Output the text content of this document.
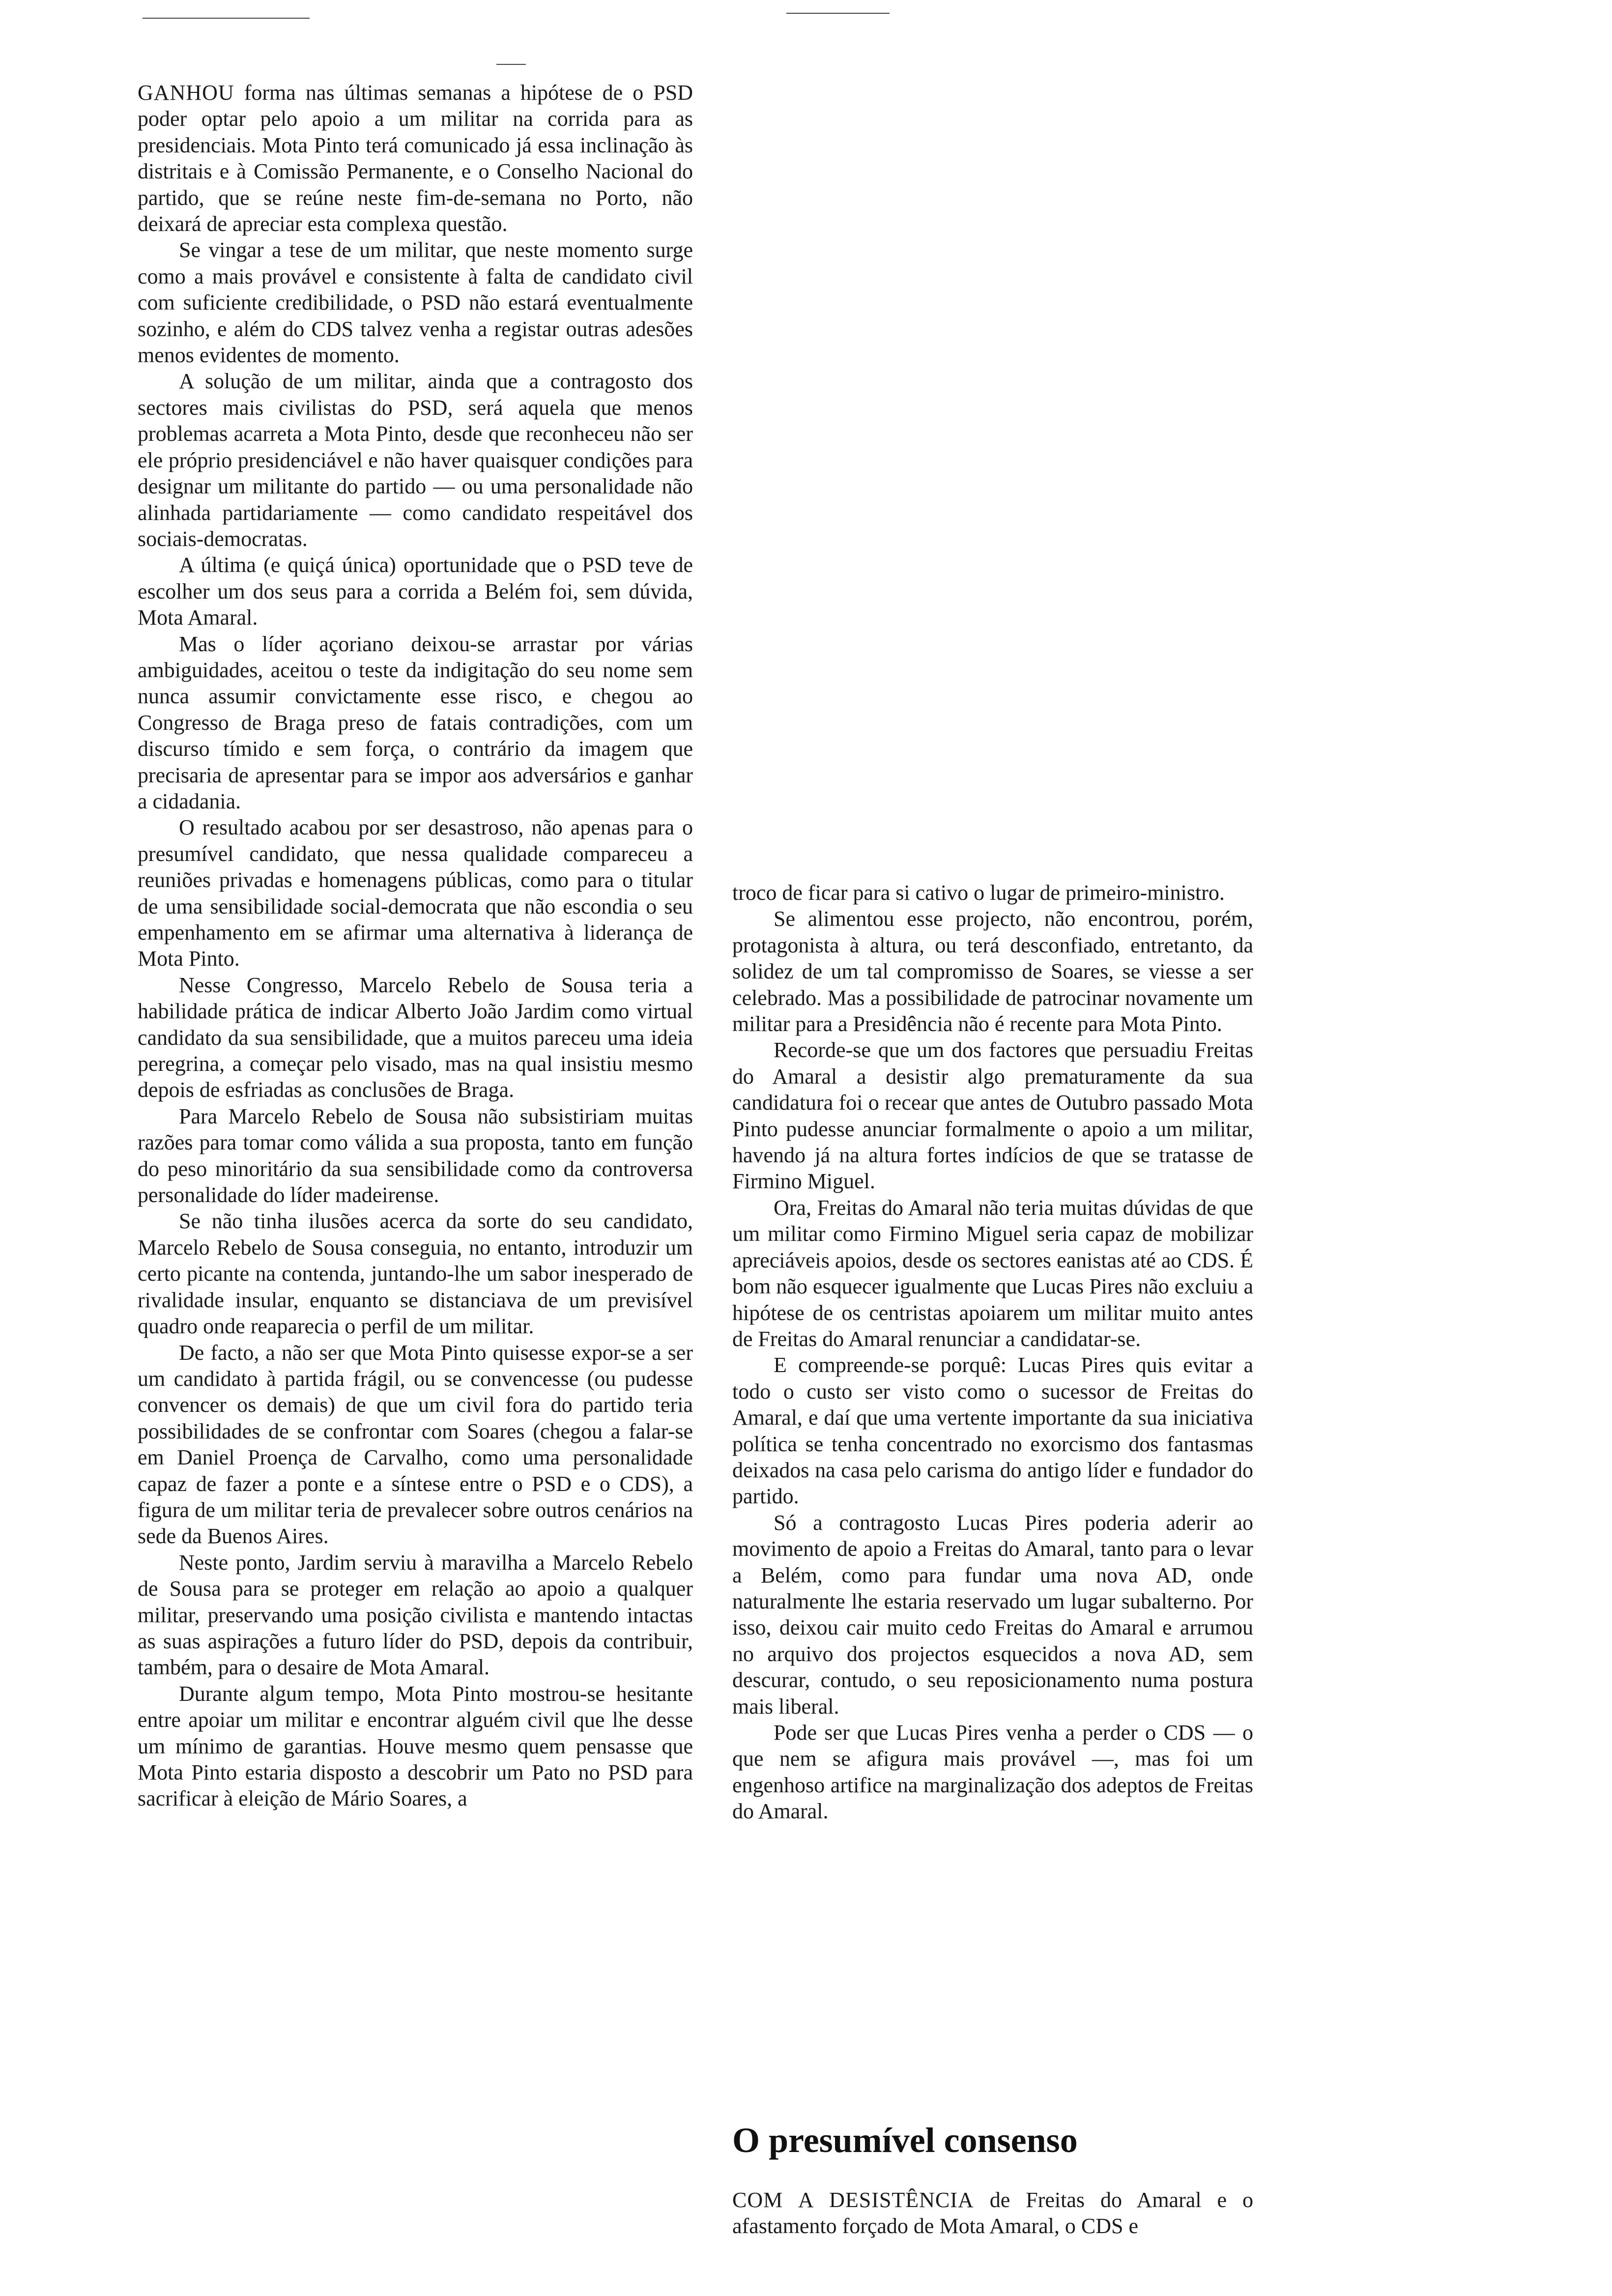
GANHOU forma nas últimas semanas a hipótese de o PSD poder optar pelo apoio a um militar na corrida para as presidenciais. Mota Pinto terá comunicado já essa inclinação às distritais e à Comissão Permanente, e o Conselho Nacional do partido, que se reúne neste fim-de-semana no Porto, não deixará de apreciar esta complexa questão.

Se vingar a tese de um militar, que neste momento surge como a mais provável e consistente à falta de candidato civil com suficiente credibilidade, o PSD não estará eventualmente sozinho, e além do CDS talvez venha a registar outras adesões menos evidentes de momento.

A solução de um militar, ainda que a contragosto dos sectores mais civilistas do PSD, será aquela que menos problemas acarreta a Mota Pinto, desde que reconheceu não ser ele próprio presidenciável e não haver quaisquer condições para designar um militante do partido — ou uma personalidade não alinhada partidariamente — como candidato respeitável dos sociais-democratas.

A última (e quiçá única) oportunidade que o PSD teve de escolher um dos seus para a corrida a Belém foi, sem dúvida, Mota Amaral.

Mas o líder açoriano deixou-se arrastar por várias ambiguidades, aceitou o teste da indigitação do seu nome sem nunca assumir convictamente esse risco, e chegou ao Congresso de Braga preso de fatais contradições, com um discurso tímido e sem força, o contrário da imagem que precisaria de apresentar para se impor aos adversários e ganhar a cidadania.

O resultado acabou por ser desastroso, não apenas para o presumível candidato, que nessa qualidade compareceu a reuniões privadas e homenagens públicas, como para o titular de uma sensibilidade social-democrata que não escondia o seu empenhamento em se afirmar uma alternativa à liderança de Mota Pinto.

Nesse Congresso, Marcelo Rebelo de Sousa teria a habilidade prática de indicar Alberto João Jardim como virtual candidato da sua sensibilidade, que a muitos pareceu uma ideia peregrina, a começar pelo visado, mas na qual insistiu mesmo depois de esfriadas as conclusões de Braga.

Para Marcelo Rebelo de Sousa não subsistiriam muitas razões para tomar como válida a sua proposta, tanto em função do peso minoritário da sua sensibilidade como da controversa personalidade do líder madeirense.

Se não tinha ilusões acerca da sorte do seu candidato, Marcelo Rebelo de Sousa conseguia, no entanto, introduzir um certo picante na contenda, juntando-lhe um sabor inesperado de rivalidade insular, enquanto se distanciava de um previsível quadro onde reaparecia o perfil de um militar.

De facto, a não ser que Mota Pinto quisesse expor-se a ser um candidato à partida frágil, ou se convencesse (ou pudesse convencer os demais) de que um civil fora do partido teria possibilidades de se confrontar com Soares (chegou a falar-se em Daniel Proença de Carvalho, como uma personalidade capaz de fazer a ponte e a síntese entre o PSD e o CDS), a figura de um militar teria de prevalecer sobre outros cenários na sede da Buenos Aires.

Neste ponto, Jardim serviu à maravilha a Marcelo Rebelo de Sousa para se proteger em relação ao apoio a qualquer militar, preservando uma posição civilista e mantendo intactas as suas aspirações a futuro líder do PSD, depois da contribuir, também, para o desaire de Mota Amaral.

Durante algum tempo, Mota Pinto mostrou-se hesitante entre apoiar um militar e encontrar alguém civil que lhe desse um mínimo de garantias. Houve mesmo quem pensasse que Mota Pinto estaria disposto a descobrir um Pato no PSD para sacrificar à eleição de Mário Soares, a

troco de ficar para si cativo o lugar de primeiro-ministro.

Se alimentou esse projecto, não encontrou, porém, protagonista à altura, ou terá desconfiado, entretanto, da solidez de um tal compromisso de Soares, se viesse a ser celebrado. Mas a possibilidade de patrocinar novamente um militar para a Presidência não é recente para Mota Pinto.

Recorde-se que um dos factores que persuadiu Freitas do Amaral a desistir algo prematuramente da sua candidatura foi o recear que antes de Outubro passado Mota Pinto pudesse anunciar formalmente o apoio a um militar, havendo já na altura fortes indícios de que se tratasse de Firmino Miguel.

Ora, Freitas do Amaral não teria muitas dúvidas de que um militar como Firmino Miguel seria capaz de mobilizar apreciáveis apoios, desde os sectores eanistas até ao CDS. É bom não esquecer igualmente que Lucas Pires não excluiu a hipótese de os centristas apoiarem um militar muito antes de Freitas do Amaral renunciar a candidatar-se.

E compreende-se porquê: Lucas Pires quis evitar a todo o custo ser visto como o sucessor de Freitas do Amaral, e daí que uma vertente importante da sua iniciativa política se tenha concentrado no exorcismo dos fantasmas deixados na casa pelo carisma do antigo líder e fundador do partido.

Só a contragosto Lucas Pires poderia aderir ao movimento de apoio a Freitas do Amaral, tanto para o levar a Belém, como para fundar uma nova AD, onde naturalmente lhe estaria reservado um lugar subalterno. Por isso, deixou cair muito cedo Freitas do Amaral e arrumou no arquivo dos projectos esquecidos a nova AD, sem descurar, contudo, o seu reposicionamento numa postura mais liberal.

Pode ser que Lucas Pires venha a perder o CDS — o que nem se afigura mais provável —, mas foi um engenhoso artifice na marginalização dos adeptos de Freitas do Amaral.

O presumível consenso

COM A DESISTÊNCIA de Freitas do Amaral e o afastamento forçado de Mota Amaral, o CDS e
